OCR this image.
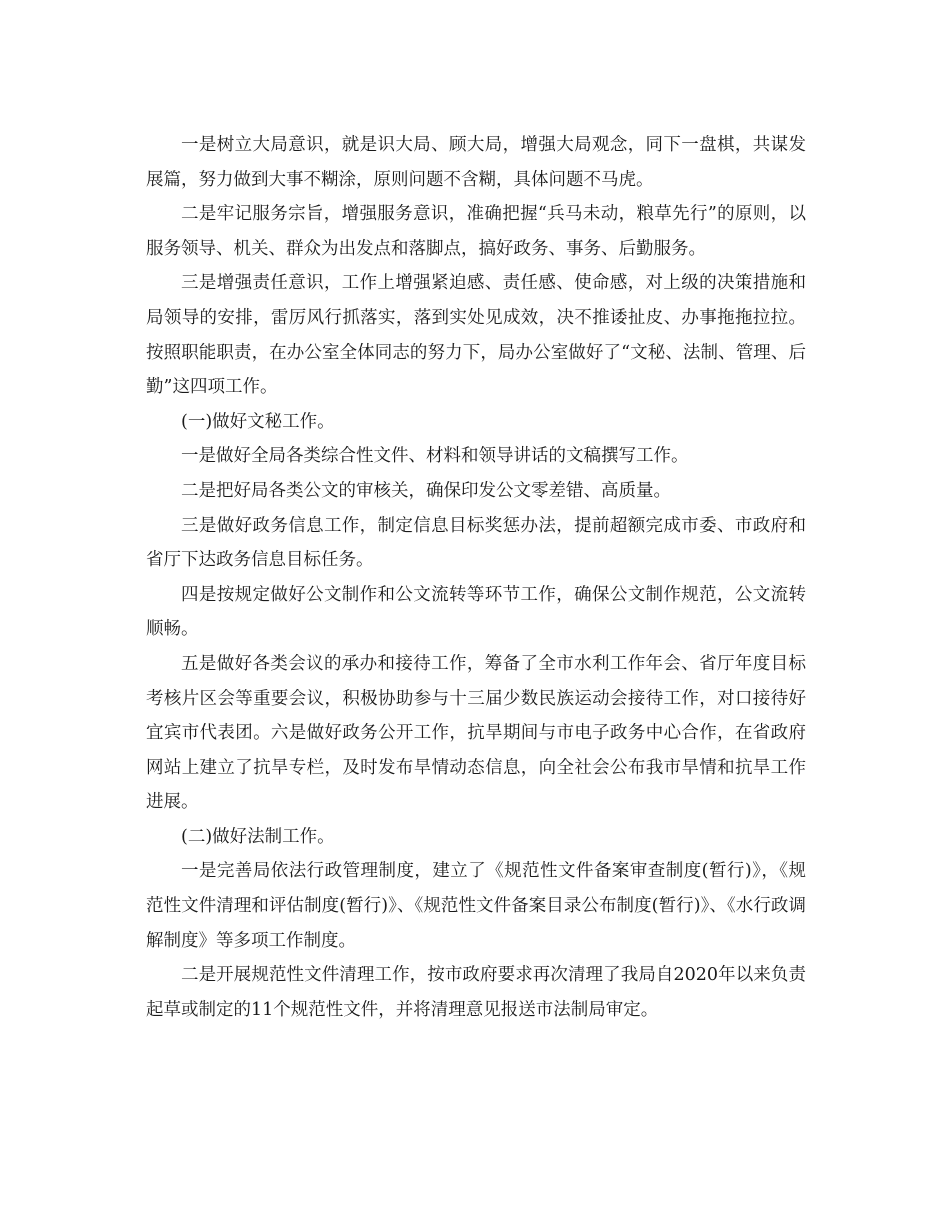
一是树立大局意识，就是识大局、顾大局，增强大局观念，同下一盘棋，共谋发展篇，努力做到大事不糊涂，原则问题不含糊，具体问题不马虎。

二是牢记服务宗旨，增强服务意识，准确把握“兵马未动，粮草先行”的原则，以服务领导、机关、群众为出发点和落脚点，搞好政务、事务、后勤服务。

三是增强责任意识，工作上增强紧迫感、责任感、使命感，对上级的决策措施和局领导的安排，雷厉风行抓落实，落到实处见成效，决不推诿扯皮、办事拖拖拉拉。按照职能职责，在办公室全体同志的努力下，局办公室做好了“文秘、法制、管理、后勤”这四项工作。

(一)做好文秘工作。

一是做好全局各类综合性文件、材料和领导讲话的文稿撰写工作。

二是把好局各类公文的审核关，确保印发公文零差错、高质量。

三是做好政务信息工作，制定信息目标奖惩办法，提前超额完成市委、市政府和省厅下达政务信息目标任务。

四是按规定做好公文制作和公文流转等环节工作，确保公文制作规范，公文流转顺畅。

五是做好各类会议的承办和接待工作，筹备了全市水利工作年会、省厅年度目标考核片区会等重要会议，积极协助参与十三届少数民族运动会接待工作，对口接待好宜宾市代表团。六是做好政务公开工作，抗旱期间与市电子政务中心合作，在省政府网站上建立了抗旱专栏，及时发布旱情动态信息，向全社会公布我市旱情和抗旱工作进展。

(二)做好法制工作。

一是完善局依法行政管理制度，建立了《规范性文件备案审查制度(暂行)》，《规范性文件清理和评估制度(暂行)》、《规范性文件备案目录公布制度(暂行)》、《水行政调解制度》等多项工作制度。

二是开展规范性文件清理工作，按市政府要求再次清理了我局自2020年以来负责起草或制定的11个规范性文件，并将清理意见报送市法制局审定。
